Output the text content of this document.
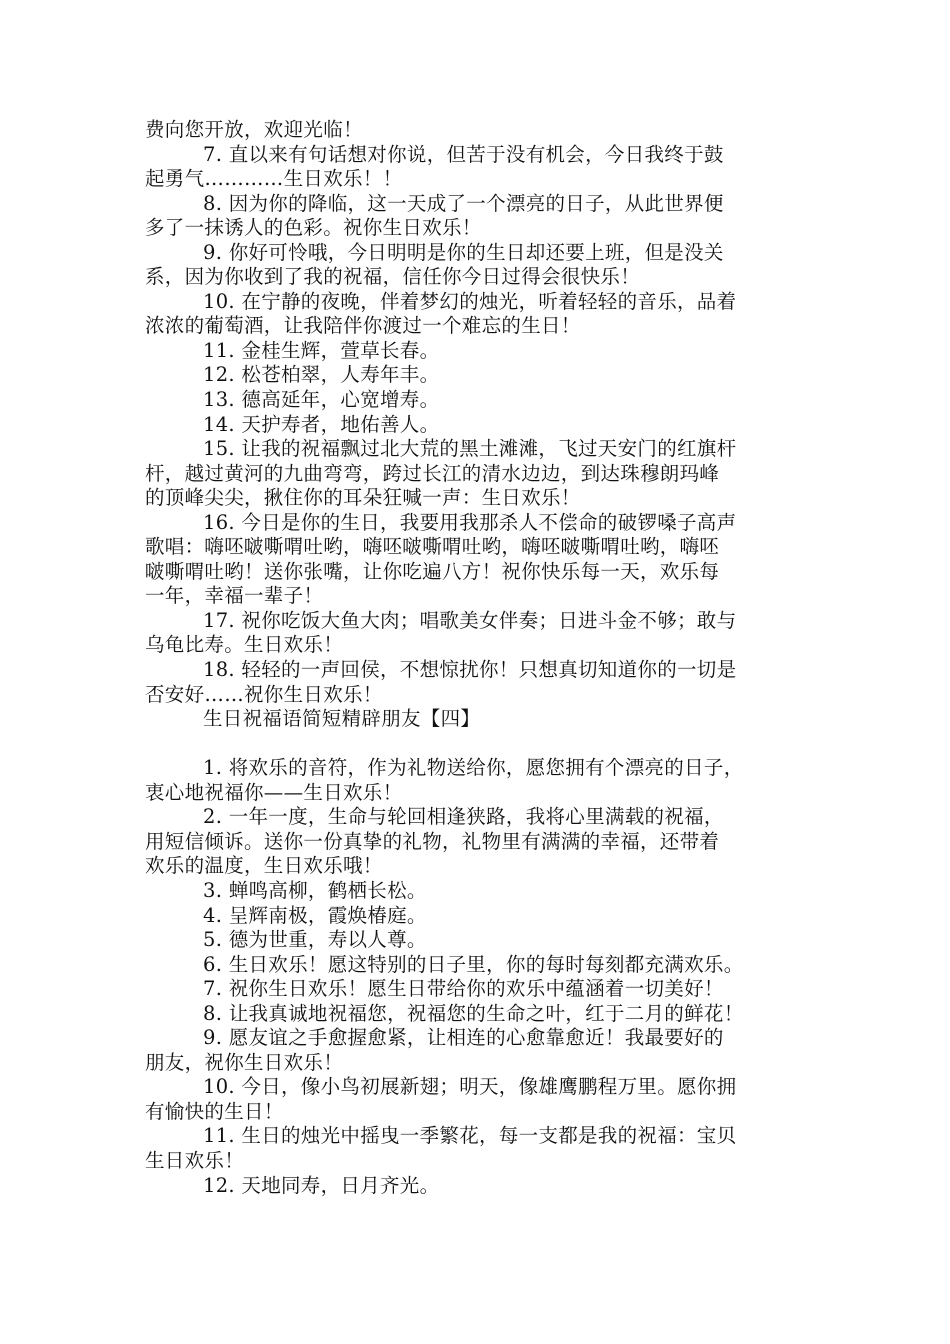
费向您开放，欢迎光临！
7. 直以来有句话想对你说，但苦于没有机会，今日我终于鼓
起勇气…………生日欢乐！！
8. 因为你的降临，这一天成了一个漂亮的日子，从此世界便
多了一抹诱人的色彩。祝你生日欢乐！
9. 你好可怜哦，今日明明是你的生日却还要上班，但是没关
系，因为你收到了我的祝福，信任你今日过得会很快乐！
10. 在宁静的夜晚，伴着梦幻的烛光，听着轻轻的音乐，品着
浓浓的葡萄酒，让我陪伴你渡过一个难忘的生日！
11. 金桂生辉，萱草长春。
12. 松苍柏翠，人寿年丰。
13. 德高延年，心宽增寿。
14. 天护寿者，地佑善人。
15. 让我的祝福飘过北大荒的黑土滩滩，飞过天安门的红旗杆
杆，越过黄河的九曲弯弯，跨过长江的清水边边，到达珠穆朗玛峰
的顶峰尖尖，揪住你的耳朵狂喊一声：生日欢乐！
16. 今日是你的生日，我要用我那杀人不偿命的破锣嗓子高声
歌唱：嗨呸啵嘶喟吐哟，嗨呸啵嘶喟吐哟，嗨呸啵嘶喟吐哟，嗨呸
啵嘶喟吐哟！送你张嘴，让你吃遍八方！祝你快乐每一天，欢乐每
一年，幸福一辈子！
17. 祝你吃饭大鱼大肉；唱歌美女伴奏；日进斗金不够；敢与
乌龟比寿。生日欢乐！
18. 轻轻的一声回侯，不想惊扰你！只想真切知道你的一切是
否安好……祝你生日欢乐！
生日祝福语简短精辟朋友【四】
1. 将欢乐的音符，作为礼物送给你，愿您拥有个漂亮的日子，
衷心地祝福你——生日欢乐！
2. 一年一度，生命与轮回相逢狭路，我将心里满载的祝福，
用短信倾诉。送你一份真挚的礼物，礼物里有满满的幸福，还带着
欢乐的温度，生日欢乐哦！
3. 蝉鸣高柳，鹤栖长松。
4. 呈辉南极，霞焕椿庭。
5. 德为世重，寿以人尊。
6. 生日欢乐！愿这特别的日子里，你的每时每刻都充满欢乐。
7. 祝你生日欢乐！愿生日带给你的欢乐中蕴涵着一切美好！
8. 让我真诚地祝福您，祝福您的生命之叶，红于二月的鲜花！
9. 愿友谊之手愈握愈紧，让相连的心愈靠愈近！我最要好的
朋友，祝你生日欢乐！
10. 今日，像小鸟初展新翅；明天，像雄鹰鹏程万里。愿你拥
有愉快的生日！
11. 生日的烛光中摇曳一季繁花，每一支都是我的祝福：宝贝
生日欢乐！
12. 天地同寿，日月齐光。
